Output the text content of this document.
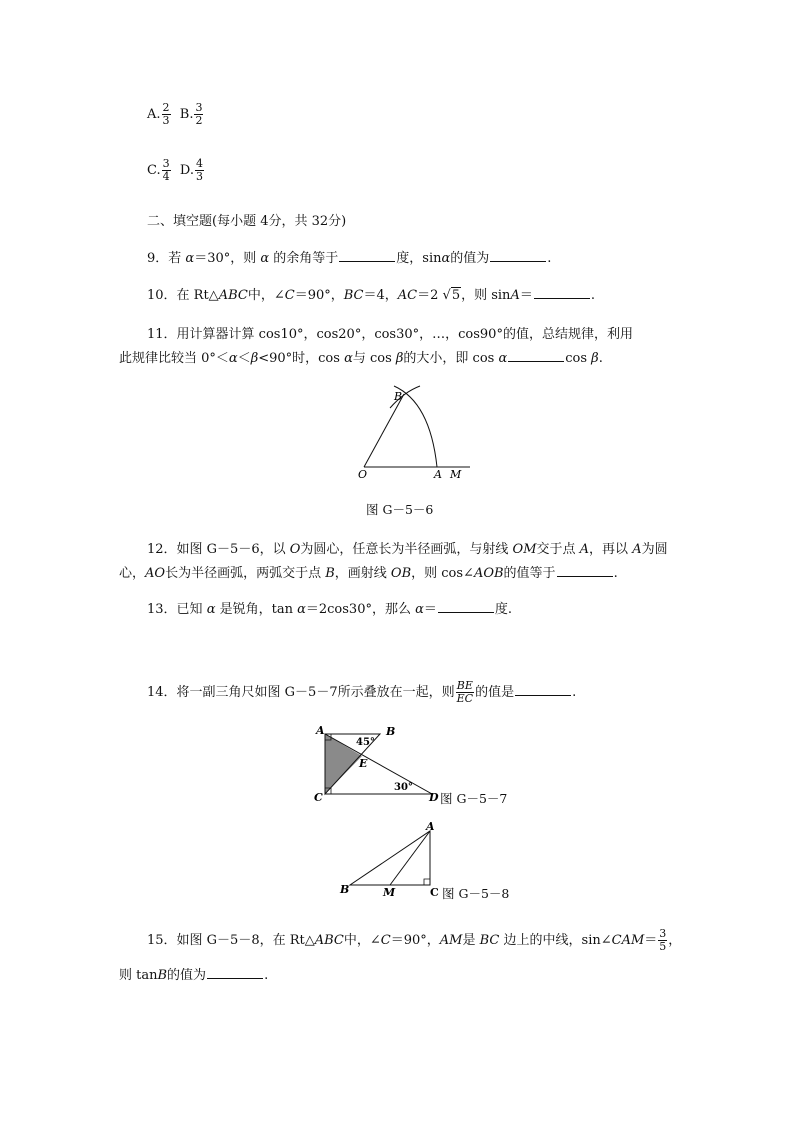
A. $\frac{2}{3} B$. $\frac{3}{2}$
C. $\frac{3}{4} D$. $\frac{4}{3}$
二、填空题(每小题 4分，共 32分)
9．若 α＝30°，则 α 的余角等于	度，sinα的值为	.
10．在 Rt△ABC中，∠C＝90°，BC＝4，AC＝2 √5，则 sinA＝	.
11．用计算器计算 cos10°，cos20°，cos30°，…，cos90°的值，总结规律，利用
此规律比较当 0°＜α＜β<90°时，cos α与 cos β的大小，即 cos α	cos β.
B
O	A M
图 G－5－6
12．如图 G－5－6，以 O为圆心，任意长为半径画弧，与射线 OM交于点 A，再以 A为圆
心，AO长为半径画弧，两弧交于点 B，画射线 OB，则 cos∠AOB的值等于	.
13．已知 α 是锐角，tan α＝2cos30°，那么 α＝	度.
14．将一副三角尺如图 G－5－7所示叠放在一起，则 $\frac{BE}{EC}$ 的值是	.
A	B
E
C	D
45°
30°
图 G－5－7
A
B	M	C 图 G－5－8
15．如图 G－5－8，在 Rt△ABC中，∠C＝90°，AM是 BC 边上的中线，sin∠CAM＝ $\frac{3}{5}$ ，
则 tanB的值为	.
